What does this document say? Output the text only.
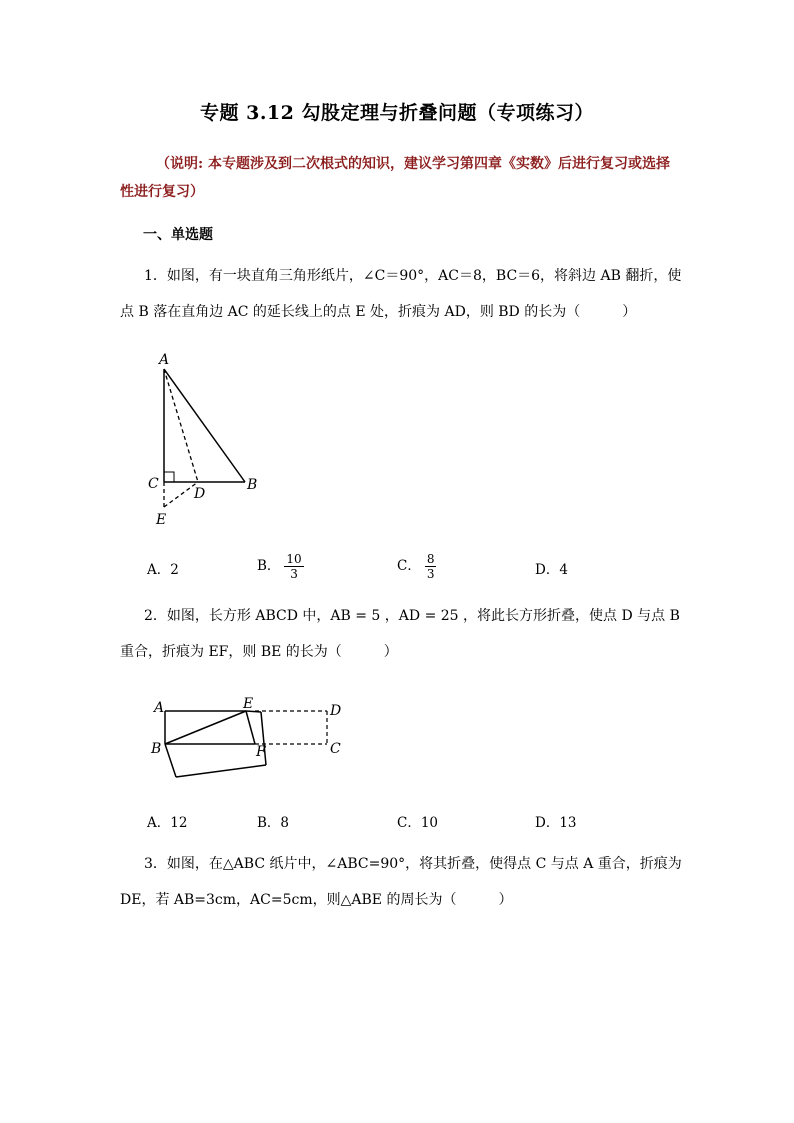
专题 3.12 勾股定理与折叠问题（专项练习）
（说明: 本专题涉及到二次根式的知识，建议学习第四章《实数》后进行复习或选择性进行复习）
一、单选题
1．如图，有一块直角三角形纸片，∠C＝90°，AC＝8，BC＝6，将斜边 AB 翻折，使点 B 落在直角边 AC 的延长线上的点 E 处，折痕为 AD，则 BD 的长为（　　　）
A
C
D
B
E
A．2	B． $\frac{10}{3}$	C． $\frac{8}{3}$	D．4
2．如图，长方形 ABCD 中，AB = 5 ，AD = 25 ，将此长方形折叠，使点 D 与点 B 重合，折痕为 EF，则 BE 的长为（　　　）
A	E	D
B	F	C
A．12	B．8	C．10	D．13
3．如图，在△ABC 纸片中，∠ABC=90°，将其折叠，使得点 C 与点 A 重合，折痕为 DE，若 AB=3cm，AC=5cm，则△ABE 的周长为（　　　）
